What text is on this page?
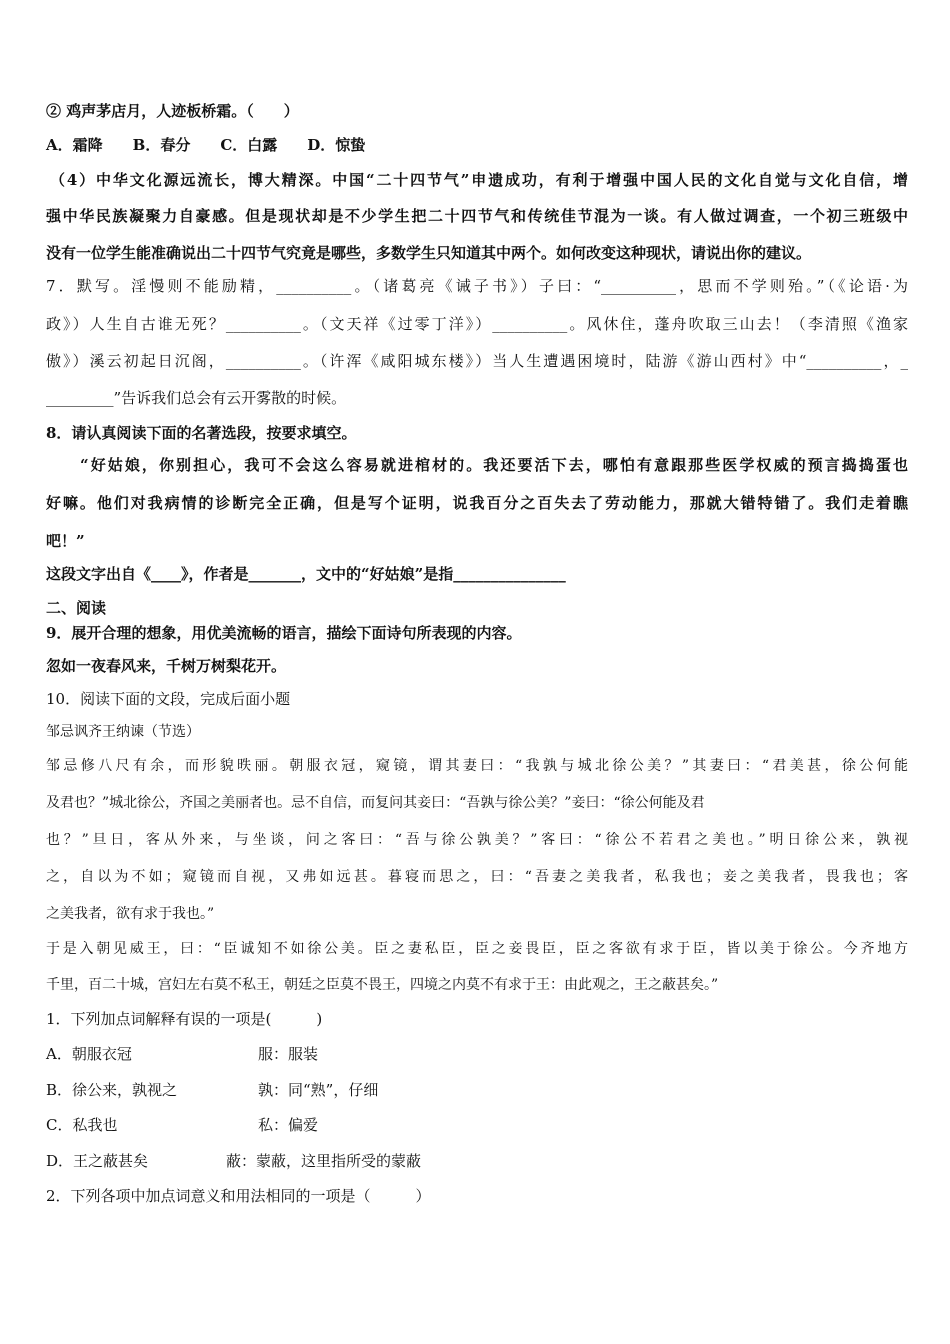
② 鸡声茅店月，人迹板桥霜。（　　）
A．霜降　　B．春分　　C．白露　　D．惊蛰
（4）中华文化源远流长，博大精深。中国“二十四节气”申遗成功，有利于增强中国人民的文化自觉与文化自信，增
强中华民族凝聚力自豪感。但是现状却是不少学生把二十四节气和传统佳节混为一谈。有人做过调查，一个初三班级中
没有一位学生能准确说出二十四节气究竟是哪些，多数学生只知道其中两个。如何改变这种现状，请说出你的建议。
7．默写。淫慢则不能励精，__________。（诸葛亮《诫子书》）子曰：“__________，思而不学则殆。”（《论语·为
政》）人生自古谁无死？__________。（文天祥《过零丁洋》）__________。风休住，蓬舟吹取三山去！（李清照《渔家
傲》）溪云初起日沉阁，__________。（许浑《咸阳城东楼》）当人生遭遇困境时，陆游《游山西村》中“__________，_
_________”告诉我们总会有云开雾散的时候。
8．请认真阅读下面的名著选段，按要求填空。
“好姑娘，你别担心，我可不会这么容易就进棺材的。我还要活下去，哪怕有意跟那些医学权威的预言捣捣蛋也
好嘛。他们对我病情的诊断完全正确，但是写个证明，说我百分之百失去了劳动能力，那就大错特错了。我们走着瞧
吧！”
这段文字出自《____》，作者是_______，文中的“好姑娘”是指_______________
二、阅读
9．展开合理的想象，用优美流畅的语言，描绘下面诗句所表现的内容。
忽如一夜春风来，千树万树梨花开。
10．阅读下面的文段，完成后面小题
邹忌讽齐王纳谏（节选）
邹忌修八尺有余，而形貌昳丽。朝服衣冠，窥镜，谓其妻曰：“我孰与城北徐公美？”其妻曰：“君美甚，徐公何能
及君也？”城北徐公，齐国之美丽者也。忌不自信，而复问其妾曰：“吾孰与徐公美？”妾曰：“徐公何能及君
也？”旦日，客从外来，与坐谈，问之客曰：“吾与徐公孰美？”客曰：“徐公不若君之美也。”明日徐公来，孰视
之，自以为不如；窥镜而自视，又弗如远甚。暮寝而思之，曰：“吾妻之美我者，私我也；妾之美我者，畏我也；客
之美我者，欲有求于我也。”
于是入朝见威王，曰：“臣诚知不如徐公美。臣之妻私臣，臣之妾畏臣，臣之客欲有求于臣，皆以美于徐公。今齐地方
千里，百二十城，宫妇左右莫不私王，朝廷之臣莫不畏王，四境之内莫不有求于王：由此观之，王之蔽甚矣。”
1．下列加点词解释有误的一项是(　　　)
A．朝服衣冠	服：服装
B．徐公来，孰视之	孰：同“熟”，仔细
C．私我也	私：偏爱
D．王之蔽甚矣	蔽：蒙蔽，这里指所受的蒙蔽
2．下列各项中加点词意义和用法相同的一项是（　　　）
